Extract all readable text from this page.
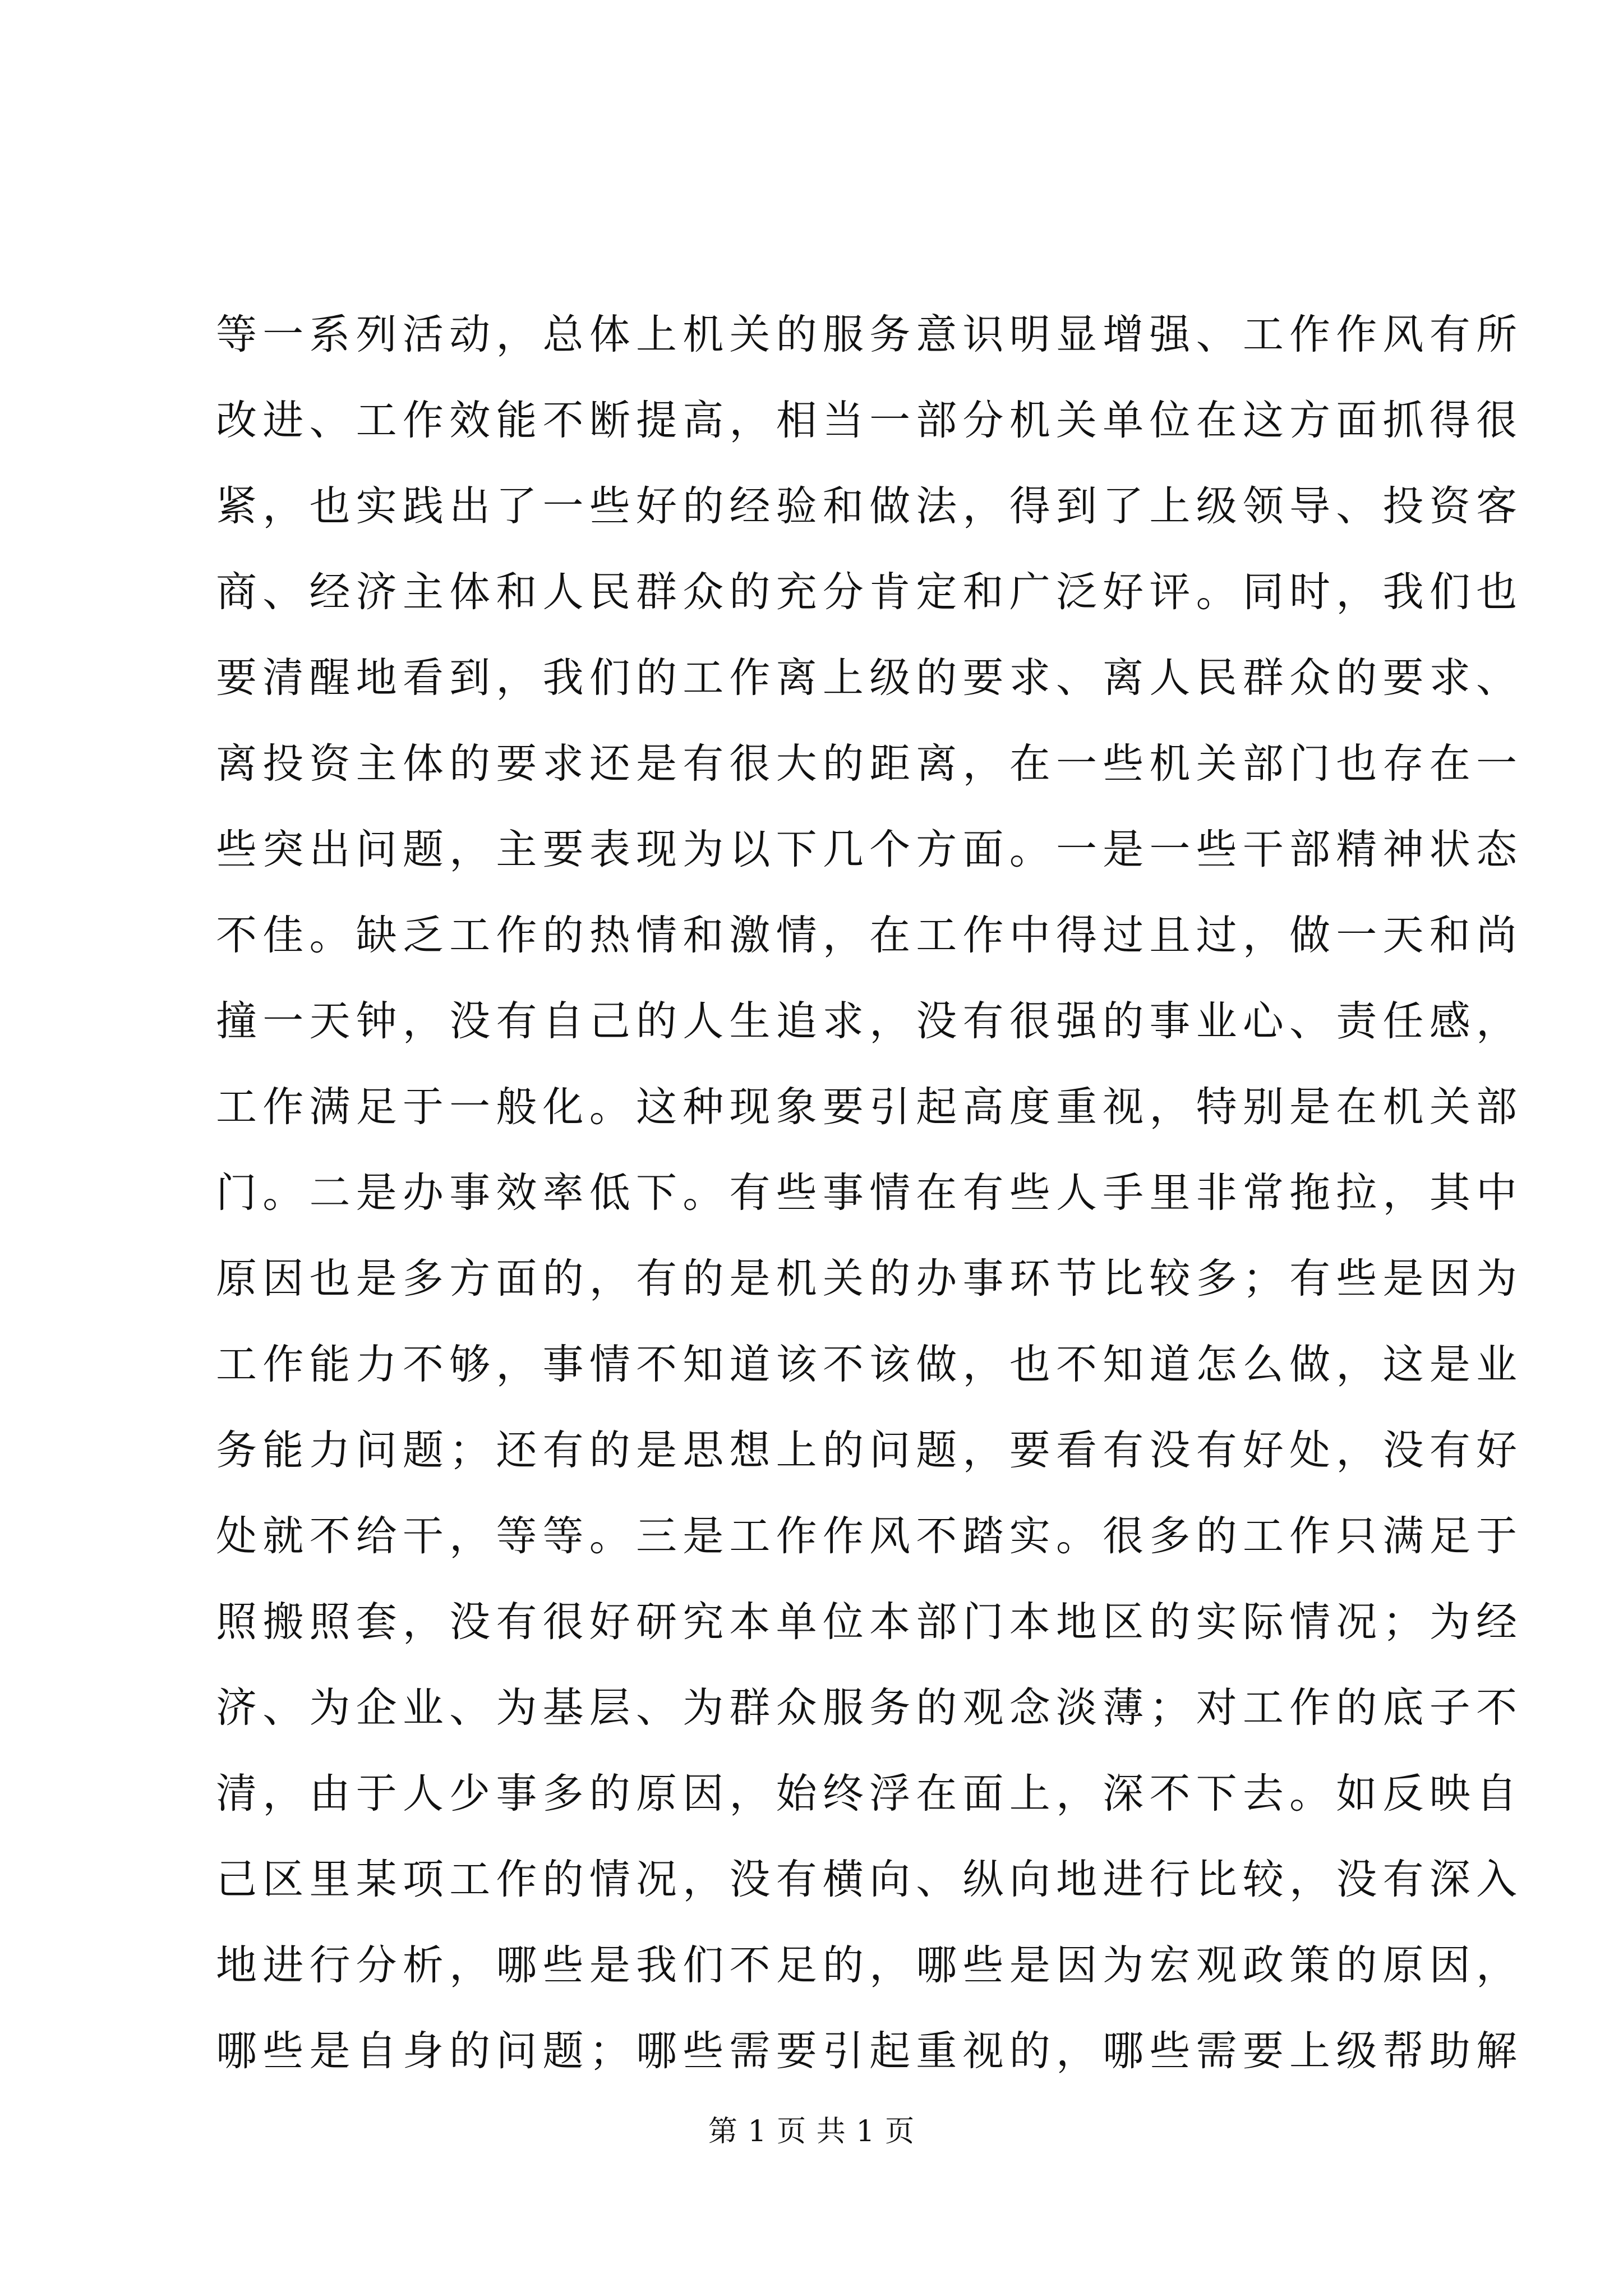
等一系列活动，总体上机关的服务意识明显增强、工作作风有所
改进、工作效能不断提高，相当一部分机关单位在这方面抓得很
紧，也实践出了一些好的经验和做法，得到了上级领导、投资客
商、经济主体和人民群众的充分肯定和广泛好评。同时，我们也
要清醒地看到，我们的工作离上级的要求、离人民群众的要求、
离投资主体的要求还是有很大的距离，在一些机关部门也存在一
些突出问题，主要表现为以下几个方面。一是一些干部精神状态
不佳。缺乏工作的热情和激情，在工作中得过且过，做一天和尚
撞一天钟，没有自己的人生追求，没有很强的事业心、责任感，
工作满足于一般化。这种现象要引起高度重视，特别是在机关部
门。二是办事效率低下。有些事情在有些人手里非常拖拉，其中
原因也是多方面的，有的是机关的办事环节比较多；有些是因为
工作能力不够，事情不知道该不该做，也不知道怎么做，这是业
务能力问题；还有的是思想上的问题，要看有没有好处，没有好
处就不给干，等等。三是工作作风不踏实。很多的工作只满足于
照搬照套，没有很好研究本单位本部门本地区的实际情况；为经
济、为企业、为基层、为群众服务的观念淡薄；对工作的底子不
清，由于人少事多的原因，始终浮在面上，深不下去。如反映自
己区里某项工作的情况，没有横向、纵向地进行比较，没有深入
地进行分析，哪些是我们不足的，哪些是因为宏观政策的原因，
哪些是自身的问题；哪些需要引起重视的，哪些需要上级帮助解
第 1 页 共 1 页
